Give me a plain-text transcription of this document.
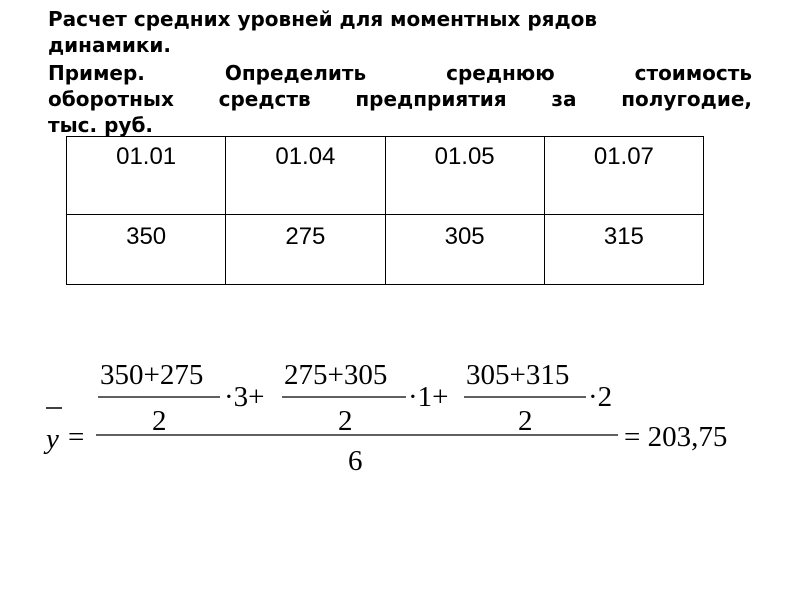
Расчет средних уровней для моментных рядов
динамики.
Пример. Определить среднюю стоимость
оборотных средств предприятия за полугодие,
тыс. руб.
01.01	01.04	01.05	01.07
350	275	305	315
y =
350+275
2
·3+
275+305
2
·1+
305+315
2
·2
6
= 203,75
